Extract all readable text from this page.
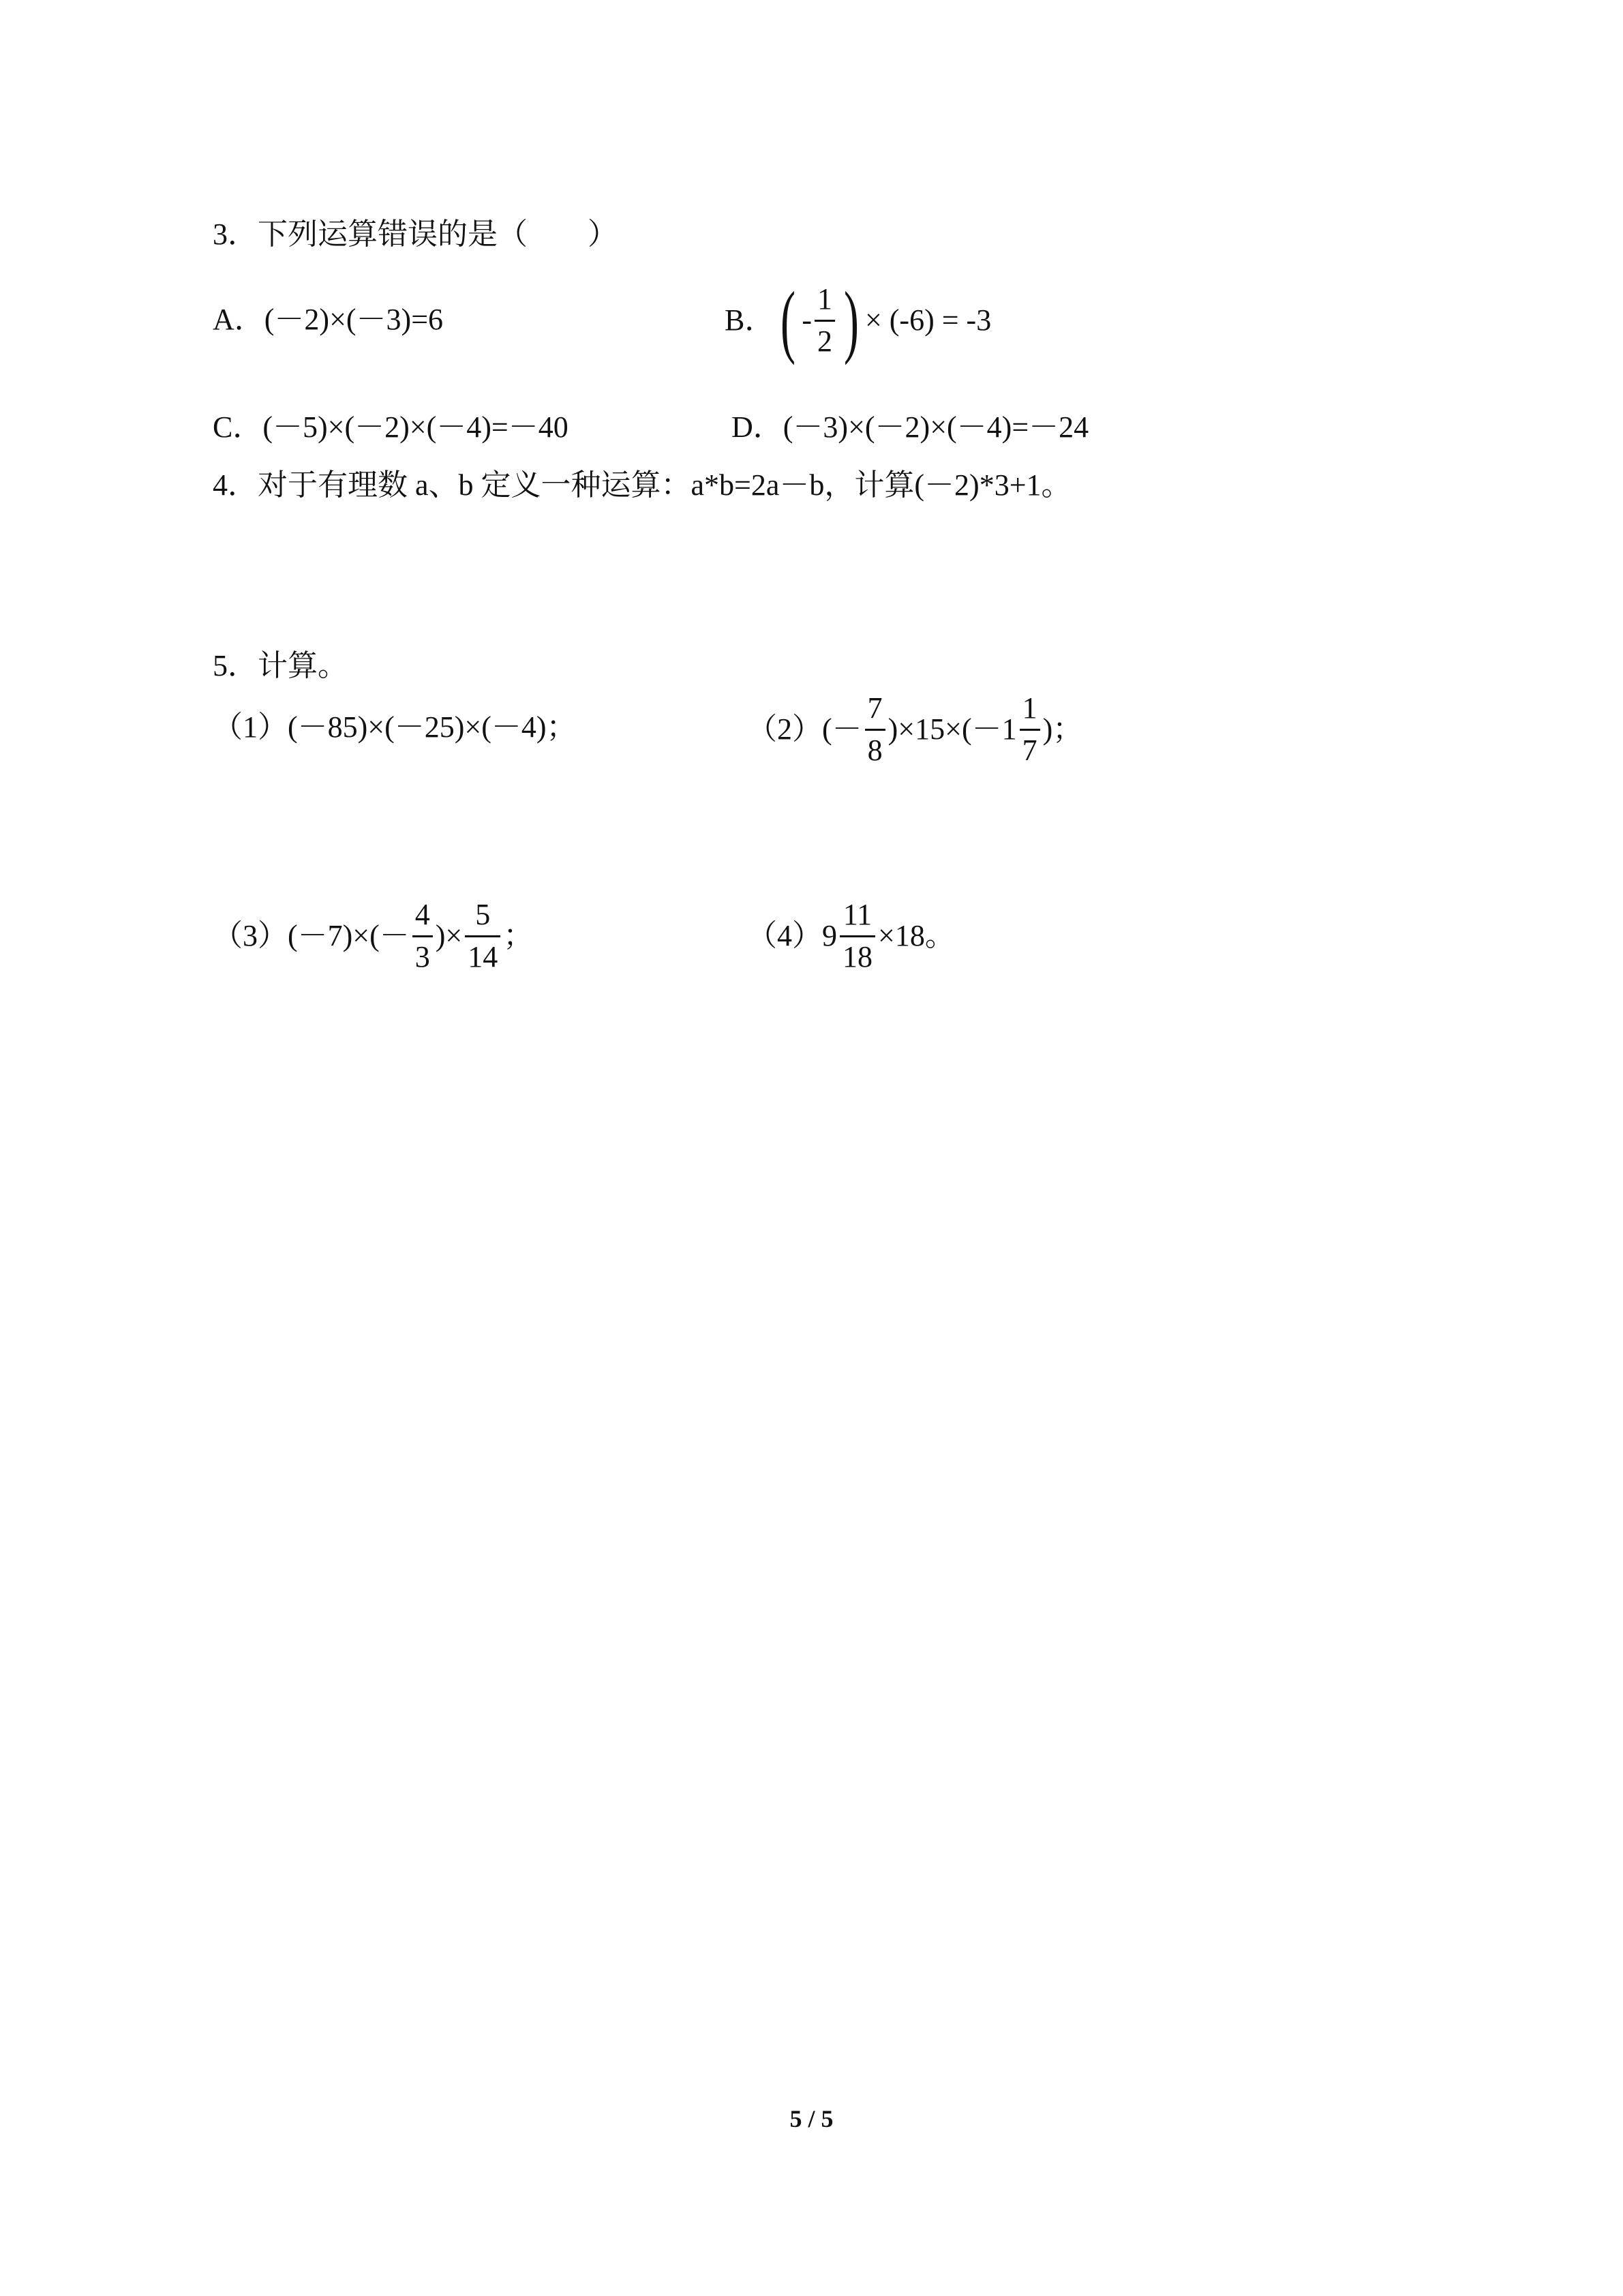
3．下列运算错误的是（　　）
A．(－2)×(－3)=6	B． ( - $\frac{1}{2}$ ) × (-6) = -3
C．(－5)×(－2)×(－4)=－40	D．(－3)×(－2)×(－4)=－24
4．对于有理数 a、b 定义一种运算：a*b=2a－b，计算(－2)*3+1。
5．计算。
（1）(－85)×(－25)×(－4)；	$(2)(- \frac{7}{8} )\times 15\times(-1 \frac{1}{7}$ )；
$(3)(-7)\times(- \frac{4}{3}$ )× $\frac{5}{14}$ ；	$(4)9 \frac{11}{18} \times 18$。
5 / 5
